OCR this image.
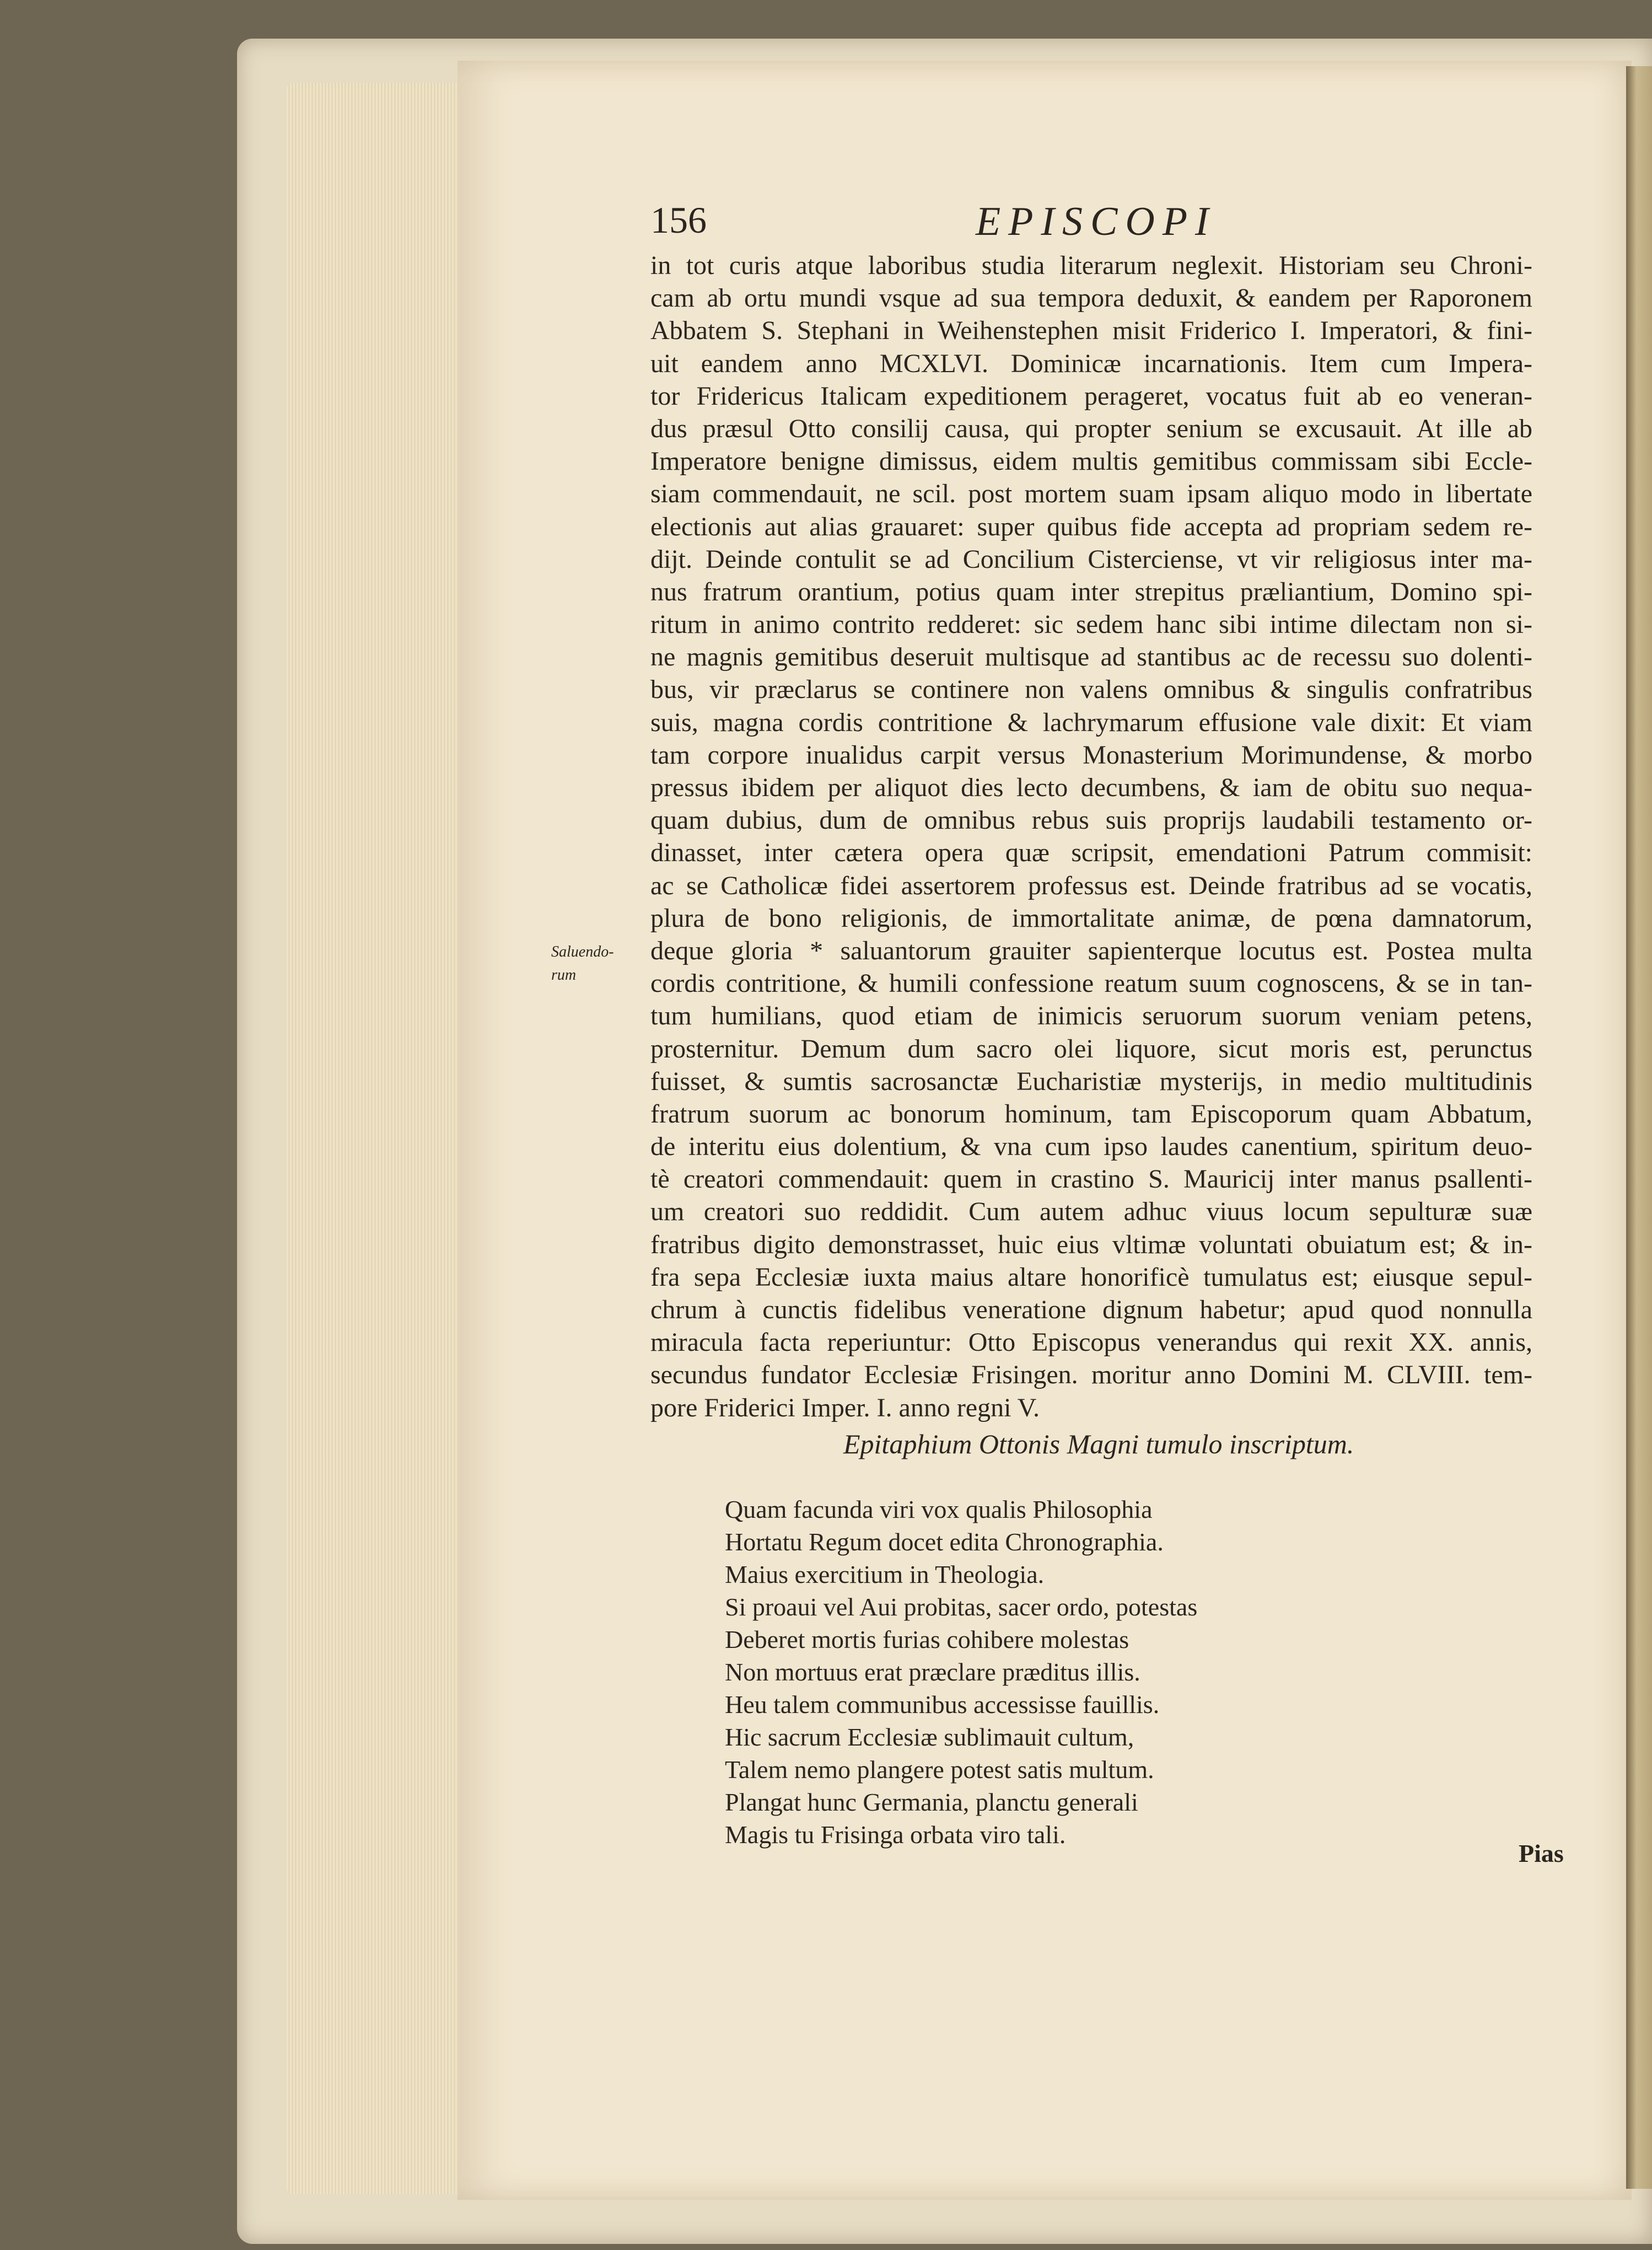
156	EPISCOPI
Saluendo-
rum
in tot curis atque laboribus studia literarum neglexit. Historiam seu Chroni-
cam ab ortu mundi vsque ad sua tempora deduxit, & eandem per Raporonem
Abbatem S. Stephani in Weihenstephen misit Friderico I. Imperatori, & fini-
uit eandem anno MCXLVI. Dominicæ incarnationis. Item cum Impera-
tor Fridericus Italicam expeditionem perageret, vocatus fuit ab eo veneran-
dus præsul Otto consilij causa, qui propter senium se excusauit. At ille ab
Imperatore benigne dimissus, eidem multis gemitibus commissam sibi Eccle-
siam commendauit, ne scil. post mortem suam ipsam aliquo modo in libertate
electionis aut alias grauaret: super quibus fide accepta ad propriam sedem re-
dijt. Deinde contulit se ad Concilium Cisterciense, vt vir religiosus inter ma-
nus fratrum orantium, potius quam inter strepitus præliantium, Domino spi-
ritum in animo contrito redderet: sic sedem hanc sibi intime dilectam non si-
ne magnis gemitibus deseruit multisque ad stantibus ac de recessu suo dolenti-
bus, vir præclarus se continere non valens omnibus & singulis confratribus
suis, magna cordis contritione & lachrymarum effusione vale dixit: Et viam
tam corpore inualidus carpit versus Monasterium Morimundense, & morbo
pressus ibidem per aliquot dies lecto decumbens, & iam de obitu suo nequa-
quam dubius, dum de omnibus rebus suis proprijs laudabili testamento or-
dinasset, inter cætera opera quæ scripsit, emendationi Patrum commisit:
ac se Catholicæ fidei assertorem professus est. Deinde fratribus ad se vocatis,
plura de bono religionis, de immortalitate animæ, de pœna damnatorum,
deque gloria * saluantorum grauiter sapienterque locutus est. Postea multa
cordis contritione, & humili confessione reatum suum cognoscens, & se in tan-
tum humilians, quod etiam de inimicis seruorum suorum veniam petens,
prosternitur. Demum dum sacro olei liquore, sicut moris est, perunctus
fuisset, & sumtis sacrosanctæ Eucharistiæ mysterijs, in medio multitudinis
fratrum suorum ac bonorum hominum, tam Episcoporum quam Abbatum,
de interitu eius dolentium, & vna cum ipso laudes canentium, spiritum deuo-
tè creatori commendauit: quem in crastino S. Mauricij inter manus psallenti-
um creatori suo reddidit. Cum autem adhuc viuus locum sepulturæ suæ
fratribus digito demonstrasset, huic eius vltimæ voluntati obuiatum est; & in-
fra sepa Ecclesiæ iuxta maius altare honorificè tumulatus est; eiusque sepul-
chrum à cunctis fidelibus veneratione dignum habetur; apud quod nonnulla
miracula facta reperiuntur: Otto Episcopus venerandus qui rexit XX. annis,
secundus fundator Ecclesiæ Frisingen. moritur anno Domini M. CLVIII. tem-
pore Friderici Imper. I. anno regni V.
Epitaphium Ottonis Magni tumulo inscriptum.
Quam facunda viri vox qualis Philosophia
Hortatu Regum docet edita Chronographia.
Maius exercitium in Theologia.
Si proaui vel Aui probitas, sacer ordo, potestas
Deberet mortis furias cohibere molestas
Non mortuus erat præclare præditus illis.
Heu talem communibus accessisse fauillis.
Hic sacrum Ecclesiæ sublimauit cultum,
Talem nemo plangere potest satis multum.
Plangat hunc Germania, planctu generali
Magis tu Frisinga orbata viro tali.
Pias
